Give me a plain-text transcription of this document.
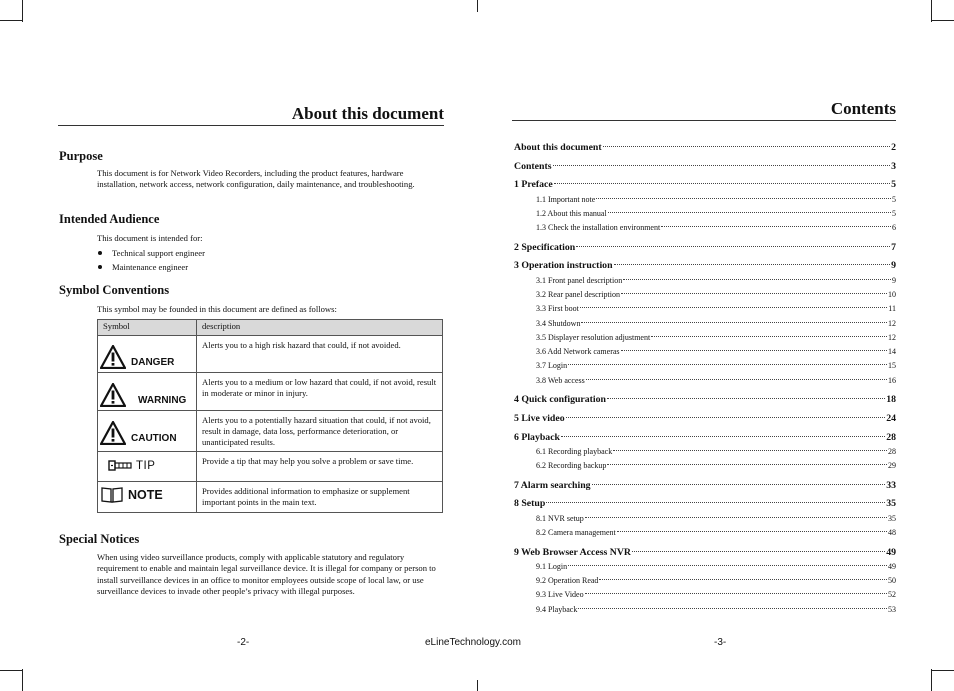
About this document
Purpose
This document is for Network Video Recorders, including the product features, hardware installation, network access, network configuration, daily maintenance, and troubleshooting.
Intended Audience
This document is intended for:
Technical support engineer
Maintenance engineer
Symbol Conventions
This symbol may be founded in this document are defined as follows:
Symbol	description

DANGER	Alerts you to a high risk hazard that could, if not avoided.

WARNING	Alerts you to a medium or low hazard that could, if not avoid, result in moderate or minor in injury.

CAUTION	Alerts you to a potentially hazard situation that could, if not avoid, result in damage, data loss, performance deterioration, or unanticipated results.

TIP	Provide a tip that may help you solve a problem or save time.

NOTE	Provides additional information to emphasize or supplement important points in the main text.
Special Notices
When using video surveillance products, comply with applicable statutory and regulatory requirement to enable and maintain legal surveillance device. It is illegal for company or person to install surveillance devices in an office to monitor employees outside scope of local law, or use surveillance devices to invade other people’s privacy with illegal purposes.
-2-	eLineTechnology.com
Contents
About this document	2
Contents	3
1 Preface	5
1.1 Important note	5
1.2 About this manual	5
1.3 Check the installation environment	6
2 Specification	7
3 Operation instruction	9
3.1 Front panel description	9
3.2 Rear panel description	10
3.3 First boot	11
3.4 Shutdown	12
3.5 Displayer resolution adjustment	12
3.6 Add Network cameras	14
3.7 Login	15
3.8 Web access	16
4 Quick configuration	18
5 Live video	24
6 Playback	28
6.1 Recording playback	28
6.2 Recording backup	29
7 Alarm searching	33
8 Setup	35
8.1 NVR setup	35
8.2 Camera management	48
9 Web Browser Access NVR	49
9.1 Login	49
9.2 Operation Read	50
9.3 Live Video	52
9.4 Playback	53
-3-
